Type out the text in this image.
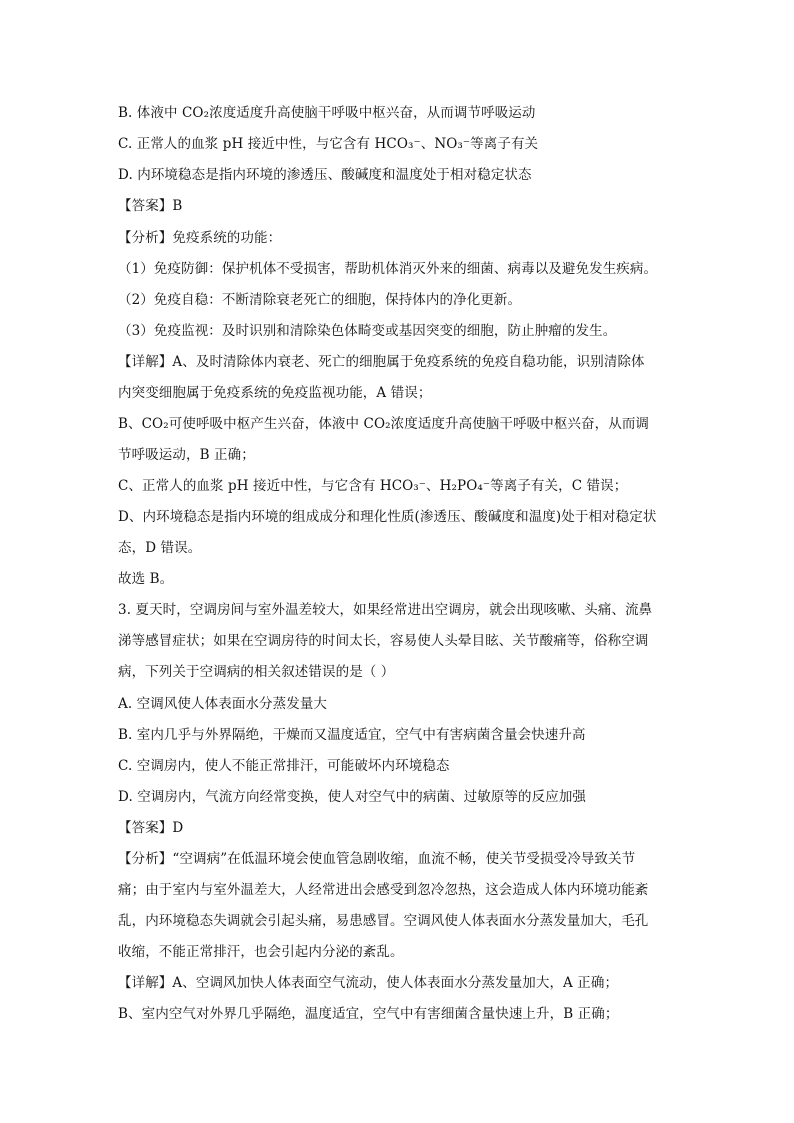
B. 体液中 CO₂浓度适度升高使脑干呼吸中枢兴奋，从而调节呼吸运动
C. 正常人的血浆 pH 接近中性，与它含有 HCO₃⁻、NO₃⁻等离子有关
D. 内环境稳态是指内环境的渗透压、酸碱度和温度处于相对稳定状态
【答案】B
【分析】免疫系统的功能：
（1）免疫防御：保护机体不受损害，帮助机体消灭外来的细菌、病毒以及避免发生疾病。
（2）免疫自稳：不断清除衰老死亡的细胞，保持体内的净化更新。
（3）免疫监视：及时识别和清除染色体畸变或基因突变的细胞，防止肿瘤的发生。
【详解】A、及时清除体内衰老、死亡的细胞属于免疫系统的免疫自稳功能，识别清除体
内突变细胞属于免疫系统的免疫监视功能，A 错误；
B、CO₂可使呼吸中枢产生兴奋，体液中 CO₂浓度适度升高使脑干呼吸中枢兴奋，从而调
节呼吸运动，B 正确；
C、正常人的血浆 pH 接近中性，与它含有 HCO₃⁻、H₂PO₄⁻等离子有关，C 错误；
D、内环境稳态是指内环境的组成成分和理化性质(渗透压、酸碱度和温度)处于相对稳定状
态，D 错误。
故选 B。
3. 夏天时，空调房间与室外温差较大，如果经常进出空调房，就会出现咳嗽、头痛、流鼻
涕等感冒症状；如果在空调房待的时间太长，容易使人头晕目眩、关节酸痛等，俗称空调
病，下列关于空调病的相关叙述错误的是（ ）
A. 空调风使人体表面水分蒸发量大
B. 室内几乎与外界隔绝，干燥而又温度适宜，空气中有害病菌含量会快速升高
C. 空调房内，使人不能正常排汗，可能破坏内环境稳态
D. 空调房内，气流方向经常变换，使人对空气中的病菌、过敏原等的反应加强
【答案】D
【分析】“空调病”在低温环境会使血管急剧收缩，血流不畅，使关节受损受冷导致关节
痛；由于室内与室外温差大，人经常进出会感受到忽冷忽热，这会造成人体内环境功能紊
乱，内环境稳态失调就会引起头痛，易患感冒。空调风使人体表面水分蒸发量加大，毛孔
收缩，不能正常排汗，也会引起内分泌的紊乱。
【详解】A、空调风加快人体表面空气流动，使人体表面水分蒸发量加大，A 正确；
B、室内空气对外界几乎隔绝，温度适宜，空气中有害细菌含量快速上升，B 正确；
